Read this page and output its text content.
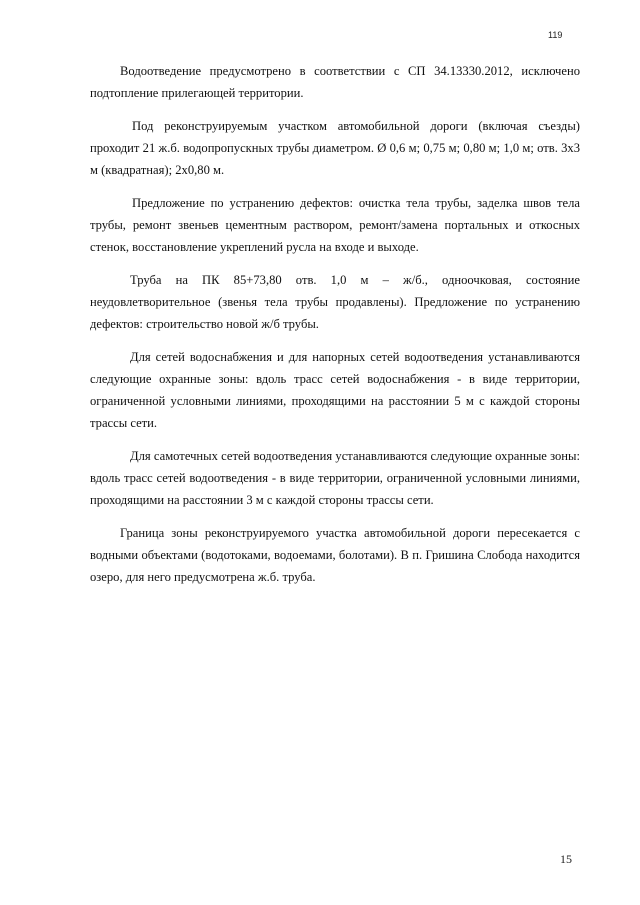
119

Водоотведение предусмотрено в соответствии с СП 34.13330.2012, исключено подтопление прилегающей территории.

Под реконструируемым участком автомобильной дороги (включая съезды) проходит 21 ж.б. водопропускных трубы диаметром. Ø 0,6 м; 0,75 м; 0,80 м; 1,0 м; отв. 3х3 м (квадратная); 2х0,80 м.

Предложение по устранению дефектов: очистка тела трубы, заделка швов тела трубы, ремонт звеньев цементным раствором, ремонт/замена портальных и откосных стенок, восстановление укреплений русла на входе и выходе.

Труба на ПК 85+73,80 отв. 1,0 м – ж/б., одноочковая, состояние неудовлетворительное (звенья тела трубы продавлены). Предложение по устранению дефектов: строительство новой ж/б трубы.

Для сетей водоснабжения и для напорных сетей водоотведения устанавливаются следующие охранные зоны: вдоль трасс сетей водоснабжения - в виде территории, ограниченной условными линиями, проходящими на расстоянии 5 м с каждой стороны трассы сети.

Для самотечных сетей водоотведения устанавливаются следующие охранные зоны: вдоль трасс сетей водоотведения - в виде территории, ограниченной условными линиями, проходящими на расстоянии 3 м с каждой стороны трассы сети.

Граница зоны реконструируемого участка автомобильной дороги пересекается с водными объектами (водотоками, водоемами, болотами). В п. Гришина Слобода находится озеро, для него предусмотрена ж.б. труба.

15
